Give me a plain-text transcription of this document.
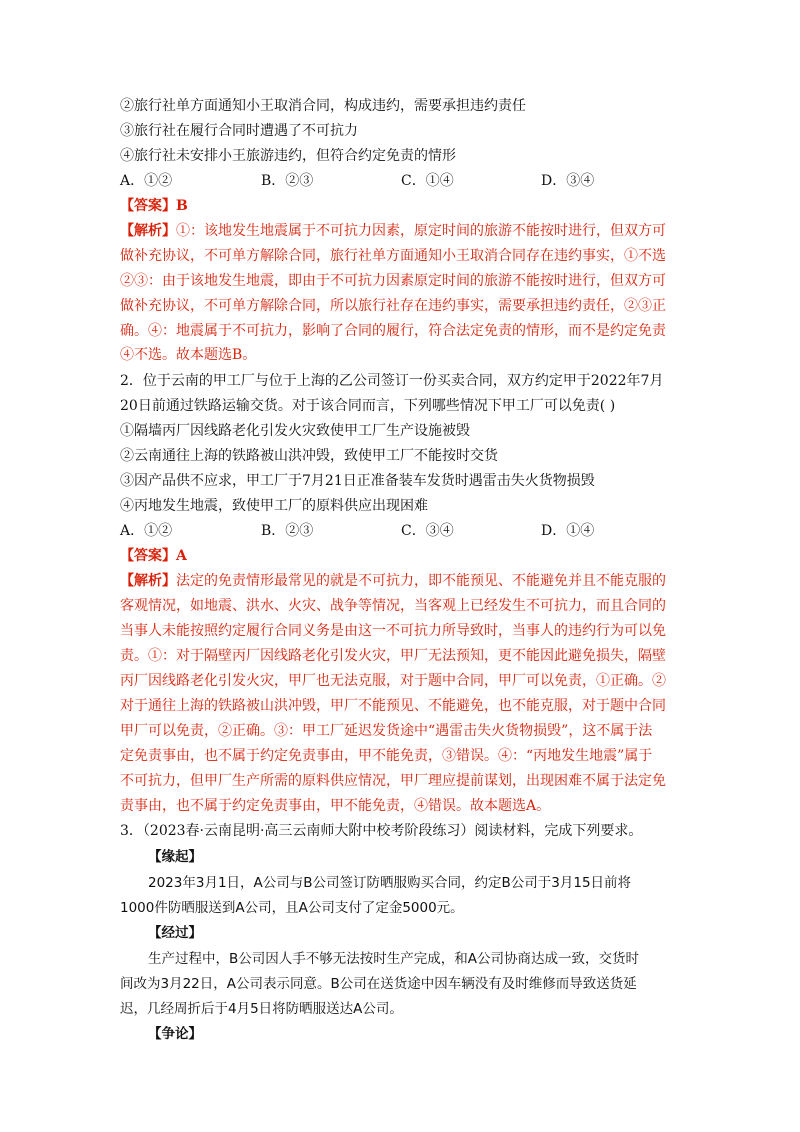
②旅行社单方面通知小王取消合同，构成违约，需要承担违约责任
③旅行社在履行合同时遭遇了不可抗力
④旅行社未安排小王旅游违约，但符合约定免责的情形
A．①②	B．②③	C．①④	D．③④
【答案】B
【解析】①：该地发生地震属于不可抗力因素，原定时间的旅游不能按时进行，但双方可
做补充协议，不可单方解除合同，旅行社单方面通知小王取消合同存在违约事实，①不选
②③：由于该地发生地震，即由于不可抗力因素原定时间的旅游不能按时进行，但双方可
做补充协议，不可单方解除合同，所以旅行社存在违约事实，需要承担违约责任，②③正
确。④：地震属于不可抗力，影响了合同的履行，符合法定免责的情形，而不是约定免责
④不选。故本题选B。
2．位于云南的甲工厂与位于上海的乙公司签订一份买卖合同，双方约定甲于2022年7月
20日前通过铁路运输交货。对于该合同而言，下列哪些情况下甲工厂可以免责( )
①隔墙丙厂因线路老化引发火灾致使甲工厂生产设施被毁
②云南通往上海的铁路被山洪冲毁，致使甲工厂不能按时交货
③因产品供不应求，甲工厂于7月21日正准备装车发货时遇雷击失火货物损毁
④丙地发生地震，致使甲工厂的原料供应出现困难
A．①②	B．②③	C．③④	D．①④
【答案】A
【解析】法定的免责情形最常见的就是不可抗力，即不能预见、不能避免并且不能克服的
客观情况，如地震、洪水、火灾、战争等情况，当客观上已经发生不可抗力，而且合同的
当事人未能按照约定履行合同义务是由这一不可抗力所导致时，当事人的违约行为可以免
责。①：对于隔壁丙厂因线路老化引发火灾，甲厂无法预知，更不能因此避免损失，隔壁
丙厂因线路老化引发火灾，甲厂也无法克服，对于题中合同，甲厂可以免责，①正确。②
对于通往上海的铁路被山洪冲毁，甲厂不能预见、不能避免，也不能克服，对于题中合同
甲厂可以免责，②正确。③：甲工厂延迟发货途中“遇雷击失火货物损毁”，这不属于法
定免责事由，也不属于约定免责事由，甲不能免责，③错误。④：“丙地发生地震”属于
不可抗力，但甲厂生产所需的原料供应情况，甲厂理应提前谋划，出现困难不属于法定免
责事由，也不属于约定免责事由，甲不能免责，④错误。故本题选A。
3．（2023春·云南昆明·高三云南师大附中校考阶段练习）阅读材料，完成下列要求。
【缘起】
2023年3月1日，A公司与B公司签订防晒服购买合同，约定B公司于3月15日前将
1000件防晒服送到A公司，且A公司支付了定金5000元。
【经过】
生产过程中，B公司因人手不够无法按时生产完成，和A公司协商达成一致，交货时
间改为3月22日，A公司表示同意。B公司在送货途中因车辆没有及时维修而导致送货延
迟，几经周折后于4月5日将防晒服送达A公司。
【争论】
